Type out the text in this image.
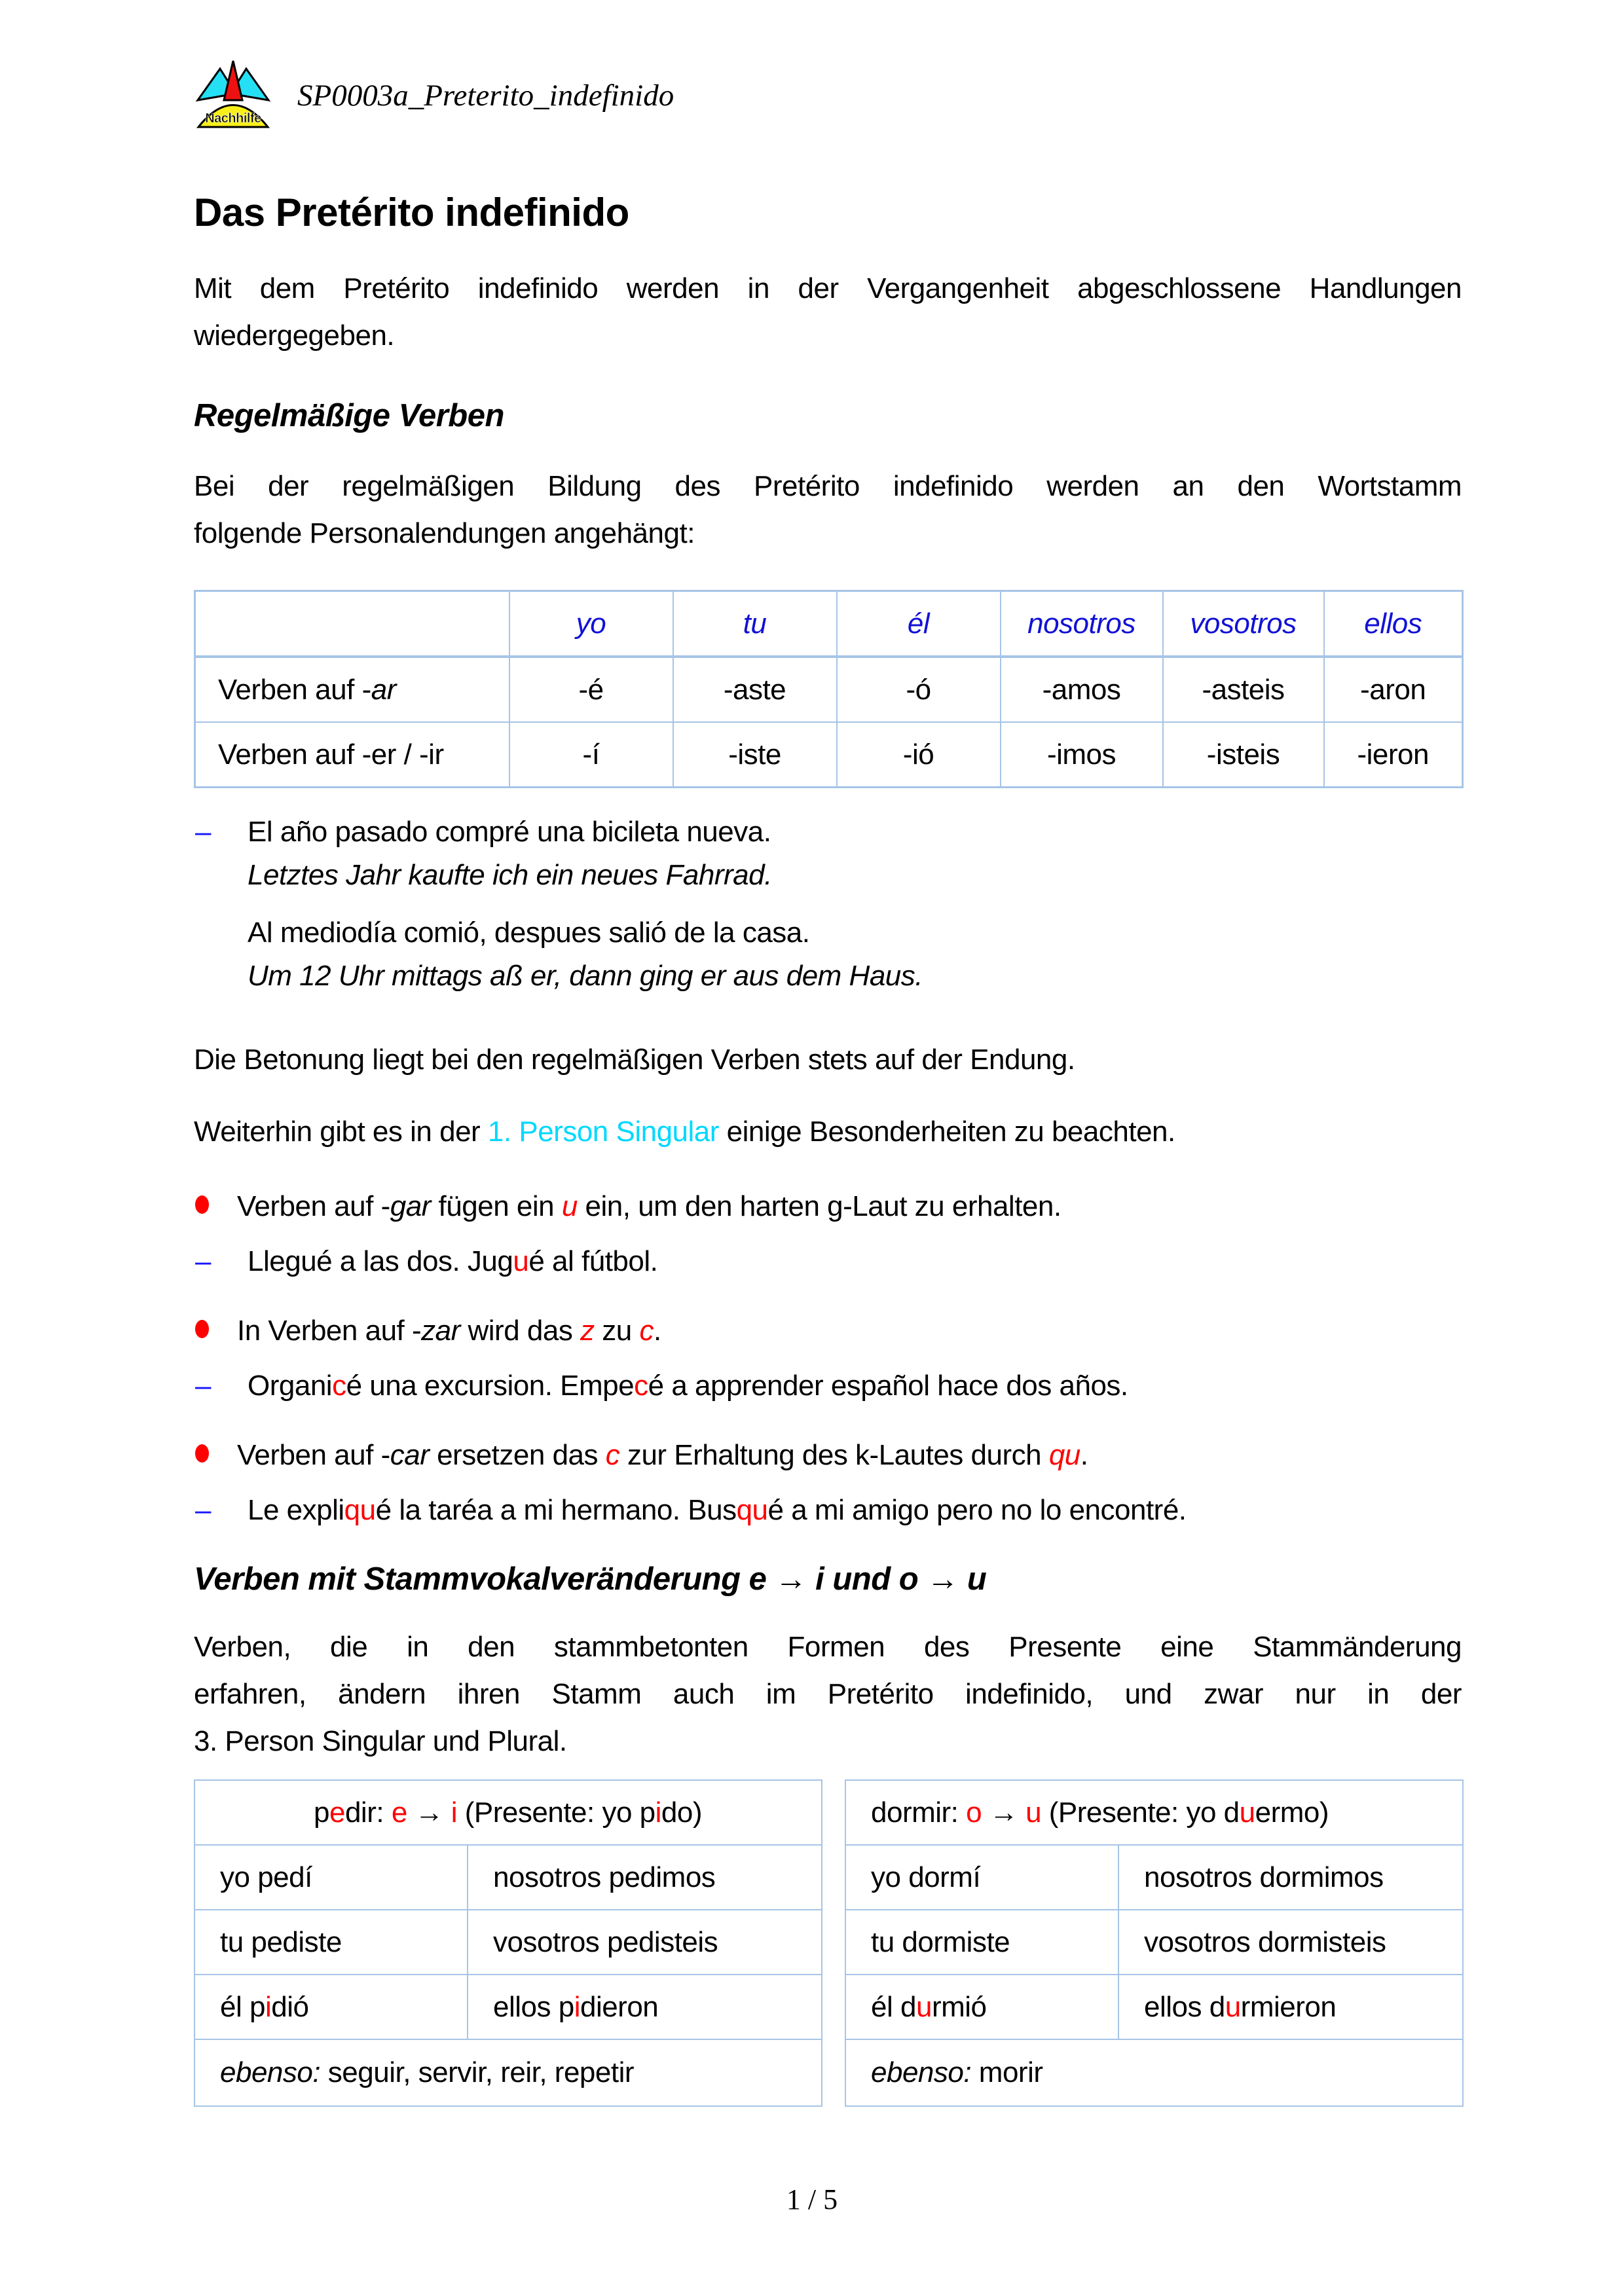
Nachhilfe
SP0003a_Preterito_indefinido
Das Pretérito indefinido
Mit dem Pretérito indefinido werden in der Vergangenheit abgeschlossene Handlungen
wiedergegeben.
Regelmäßige Verben
Bei der regelmäßigen Bildung des Pretérito indefinido werden an den Wortstamm
folgende Personalendungen angehängt:
	yo	tu	él	nosotros	vosotros	ellos
Verben auf -ar	-é	-aste	-ó	-amos	-asteis	-aron
Verben auf -er / -ir	-í	-iste	-ió	-imos	-isteis	-ieron
– El año pasado compré una bicileta nueva.
Letztes Jahr kaufte ich ein neues Fahrrad.
Al mediodía comió, despues salió de la casa.
Um 12 Uhr mittags aß er, dann ging er aus dem Haus.
Die Betonung liegt bei den regelmäßigen Verben stets auf der Endung.
Weiterhin gibt es in der 1. Person Singular einige Besonderheiten zu beachten.
Verben auf -gar fügen ein u ein, um den harten g-Laut zu erhalten.
– Llegué a las dos. Jugué al fútbol.
In Verben auf -zar wird das z zu c.
– Organicé una excursion. Empecé a apprender español hace dos años.
Verben auf -car ersetzen das c zur Erhaltung des k-Lautes durch qu.
– Le expliqué la taréa a mi hermano. Busqué a mi amigo pero no lo encontré.
Verben mit Stammvokalveränderung e → i und o → u
Verben, die in den stammbetonten Formen des Presente eine Stammänderung
erfahren, ändern ihren Stamm auch im Pretérito indefinido, und zwar nur in der
3. Person Singular und Plural.
pedir: e → i (Presente: yo pido)	
yo pedí	nosotros pedimos
tu pediste	vosotros pedisteis
él pidió	ellos pidieron
ebenso: seguir, servir, reir, repetir	
dormir: o → u (Presente: yo duermo)	
yo dormí	nosotros dormimos
tu dormiste	vosotros dormisteis
él durmió	ellos durmieron
ebenso: morir	
1 / 5
